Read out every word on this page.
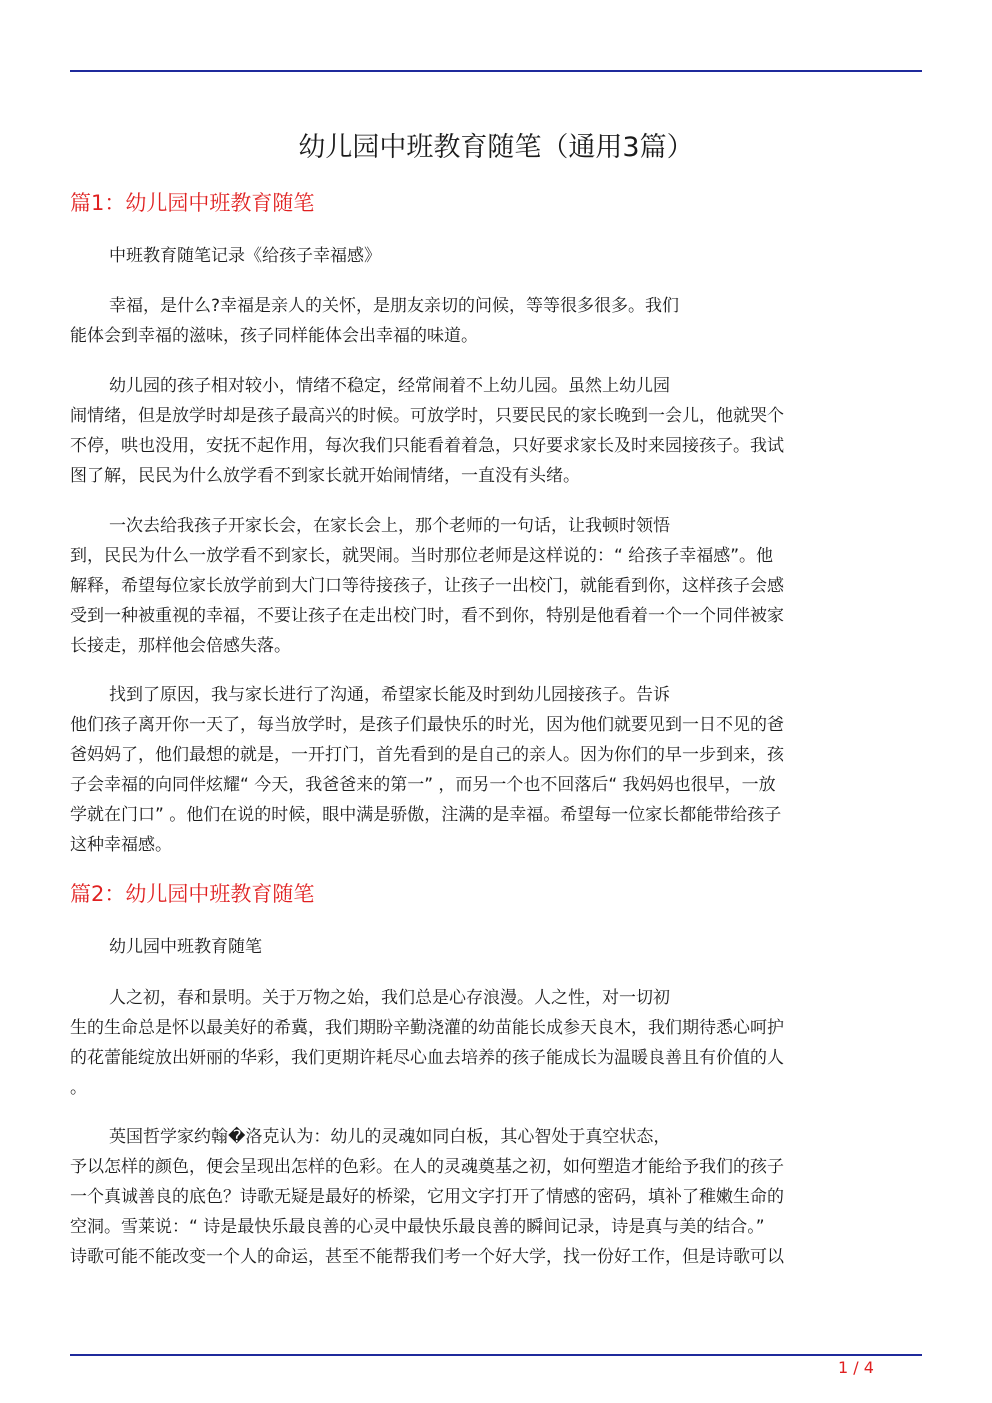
幼儿园中班教育随笔（通用3篇）
篇1：幼儿园中班教育随笔
中班教育随笔记录《给孩子幸福感》
幸福，是什么?幸福是亲人的关怀，是朋友亲切的问候，等等很多很多。我们
能体会到幸福的滋味，孩子同样能体会出幸福的味道。
幼儿园的孩子相对较小，情绪不稳定，经常闹着不上幼儿园。虽然上幼儿园
闹情绪，但是放学时却是孩子最高兴的时候。可放学时，只要民民的家长晚到一会儿，他就哭个
不停，哄也没用，安抚不起作用，每次我们只能看着着急，只好要求家长及时来园接孩子。我试
图了解，民民为什么放学看不到家长就开始闹情绪，一直没有头绪。
一次去给我孩子开家长会，在家长会上，那个老师的一句话，让我顿时领悟
到，民民为什么一放学看不到家长，就哭闹。当时那位老师是这样说的：“ 给孩子幸福感”。他
解释，希望每位家长放学前到大门口等待接孩子，让孩子一出校门，就能看到你，这样孩子会感
受到一种被重视的幸福，不要让孩子在走出校门时，看不到你，特别是他看着一个一个同伴被家
长接走，那样他会倍感失落。
找到了原因，我与家长进行了沟通，希望家长能及时到幼儿园接孩子。告诉
他们孩子离开你一天了，每当放学时，是孩子们最快乐的时光，因为他们就要见到一日不见的爸
爸妈妈了，他们最想的就是，一开打门，首先看到的是自己的亲人。因为你们的早一步到来，孩
子会幸福的向同伴炫耀“ 今天，我爸爸来的第一” ，而另一个也不回落后“ 我妈妈也很早，一放
学就在门口” 。他们在说的时候，眼中满是骄傲，注满的是幸福。希望每一位家长都能带给孩子
这种幸福感。
篇2：幼儿园中班教育随笔
幼儿园中班教育随笔
人之初，春和景明。关于万物之始，我们总是心存浪漫。人之性，对一切初
生的生命总是怀以最美好的希冀，我们期盼辛勤浇灌的幼苗能长成参天良木，我们期待悉心呵护
的花蕾能绽放出妍丽的华彩，我们更期许耗尽心血去培养的孩子能成长为温暖良善且有价值的人
。
英国哲学家约翰�洛克认为：幼儿的灵魂如同白板，其心智处于真空状态，
予以怎样的颜色，便会呈现出怎样的色彩。在人的灵魂奠基之初，如何塑造才能给予我们的孩子
一个真诚善良的底色？诗歌无疑是最好的桥梁，它用文字打开了情感的密码，填补了稚嫩生命的
空洞。雪莱说：“ 诗是最快乐最良善的心灵中最快乐最良善的瞬间记录，诗是真与美的结合。”
诗歌可能不能改变一个人的命运，甚至不能帮我们考一个好大学，找一份好工作，但是诗歌可以
1 / 4
